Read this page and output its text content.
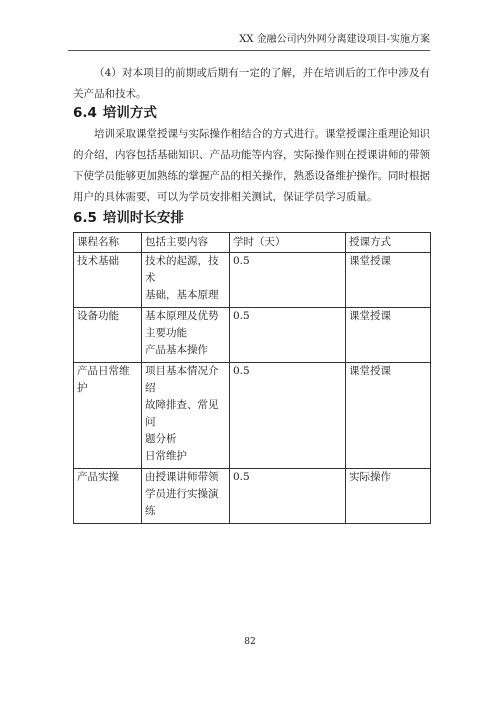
XX 金融公司内外网分离建设项目-实施方案

（4）对本项目的前期或后期有一定的了解，并在培训后的工作中涉及有关产品和技术。

6.4 培训方式

培训采取课堂授课与实际操作相结合的方式进行。课堂授课注重理论知识的介绍，内容包括基础知识、产品功能等内容，实际操作则在授课讲师的带领下使学员能够更加熟练的掌握产品的相关操作，熟悉设备维护操作。同时根据用户的具体需要，可以为学员安排相关测试，保证学员学习质量。

6.5 培训时长安排
课程名称	包括主要内容	学时（天）	授课方式

技术基础	技术的起源，技术
基础，基本原理	0.5	课堂授课

设备功能	基本原理及优势
主要功能
产品基本操作	0.5	课堂授课

产品日常维
护	项目基本情况介
绍
故障排查、常见问
题分析
日常维护	0.5	课堂授课

产品实操	由授课讲师带领
学员进行实操演
练	0.5	实际操作
82
